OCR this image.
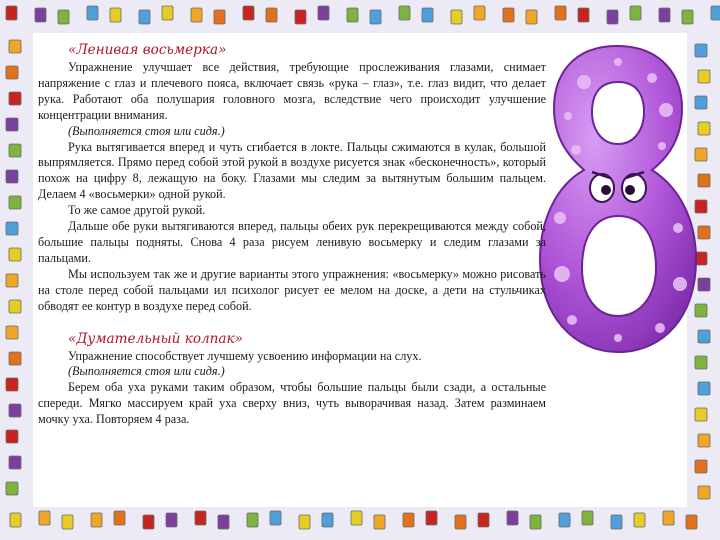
«Ленивая восьмерка»

Упражнение улучшает все действия, требующие прослеживания глазами, снимает напряжение с глаз и плечевого пояса, включает связь «рука – глаз», т.е. глаз видит, что делает рука. Работают оба полушария головного мозга, вследствие чего происходит улучшение концентрации внимания.

(Выполняется стоя или сидя.)

Рука вытягивается вперед и чуть сгибается в локте. Пальцы сжимаются в кулак, большой выпрямляется. Прямо перед собой этой рукой в воздухе рисуется знак «бесконечность», который похож на цифру 8, лежащую на боку. Глазами мы следим за вытянутым большим пальцем. Делаем 4 «восьмерки» одной рукой.

То же самое другой рукой.

Дальше обе руки вытягиваются вперед, пальцы обеих рук перекрещиваются между собой, большие пальцы подняты. Снова 4 раза рисуем ленивую восьмерку и следим глазами за пальцами.

Мы используем так же и другие варианты этого упражнения: «восьмерку» можно рисовать на столе перед собой пальцами ил психолог рисует ее мелом на доске, а дети на стульчиках обводят ее контур в воздухе перед собой.

«Думательный колпак»

Упражнение способствует лучшему усвоению информации на слух.

(Выполняется стоя или сидя.)

Берем оба уха руками таким образом, чтобы большие пальцы были сзади, а остальные спереди. Мягко массируем край уха сверху вниз, чуть выворачивая назад. Затем разминаем мочку уха. Повторяем 4 раза.
